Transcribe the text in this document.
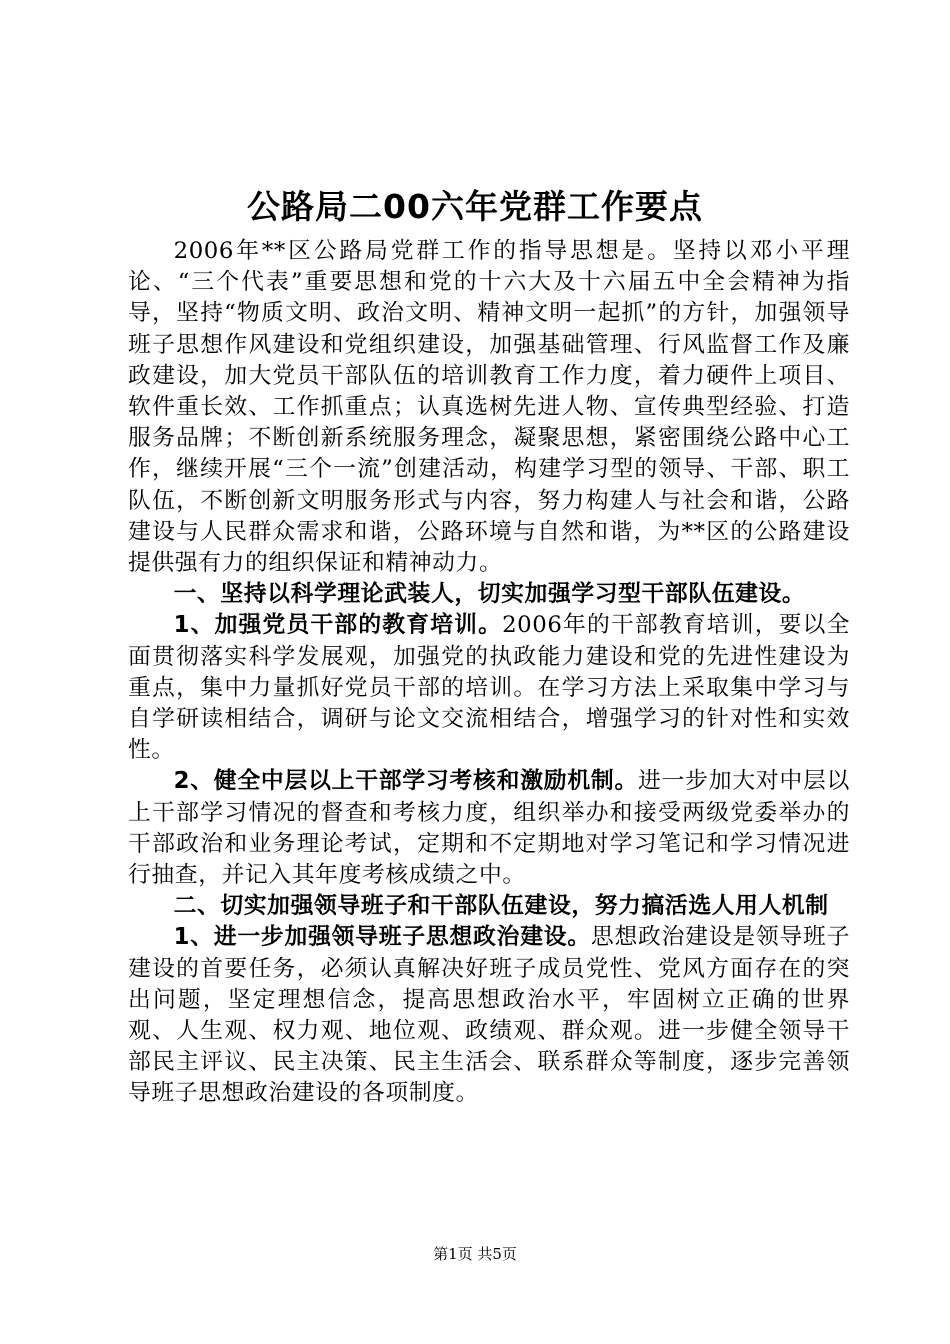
公路局二00六年党群工作要点

2006年**区公路局党群工作的指导思想是。坚持以邓小平理论、“三个代表”重要思想和党的十六大及十六届五中全会精神为指导，坚持“物质文明、政治文明、精神文明一起抓”的方针，加强领导班子思想作风建设和党组织建设，加强基础管理、行风监督工作及廉政建设，加大党员干部队伍的培训教育工作力度，着力硬件上项目、软件重长效、工作抓重点；认真选树先进人物、宣传典型经验、打造服务品牌；不断创新系统服务理念，凝聚思想，紧密围绕公路中心工作，继续开展“三个一流”创建活动，构建学习型的领导、干部、职工队伍，不断创新文明服务形式与内容，努力构建人与社会和谐，公路建设与人民群众需求和谐，公路环境与自然和谐，为**区的公路建设提供强有力的组织保证和精神动力。

一、坚持以科学理论武装人，切实加强学习型干部队伍建设。

1、加强党员干部的教育培训。2006年的干部教育培训，要以全面贯彻落实科学发展观，加强党的执政能力建设和党的先进性建设为重点，集中力量抓好党员干部的培训。在学习方法上采取集中学习与自学研读相结合，调研与论文交流相结合，增强学习的针对性和实效性。

2、健全中层以上干部学习考核和激励机制。进一步加大对中层以上干部学习情况的督查和考核力度，组织举办和接受两级党委举办的干部政治和业务理论考试，定期和不定期地对学习笔记和学习情况进行抽查，并记入其年度考核成绩之中。

二、切实加强领导班子和干部队伍建设，努力搞活选人用人机制

1、进一步加强领导班子思想政治建设。思想政治建设是领导班子建设的首要任务，必须认真解决好班子成员党性、党风方面存在的突出问题，坚定理想信念，提高思想政治水平，牢固树立正确的世界观、人生观、权力观、地位观、政绩观、群众观。进一步健全领导干部民主评议、民主决策、民主生活会、联系群众等制度，逐步完善领导班子思想政治建设的各项制度。

第1页 共5页
